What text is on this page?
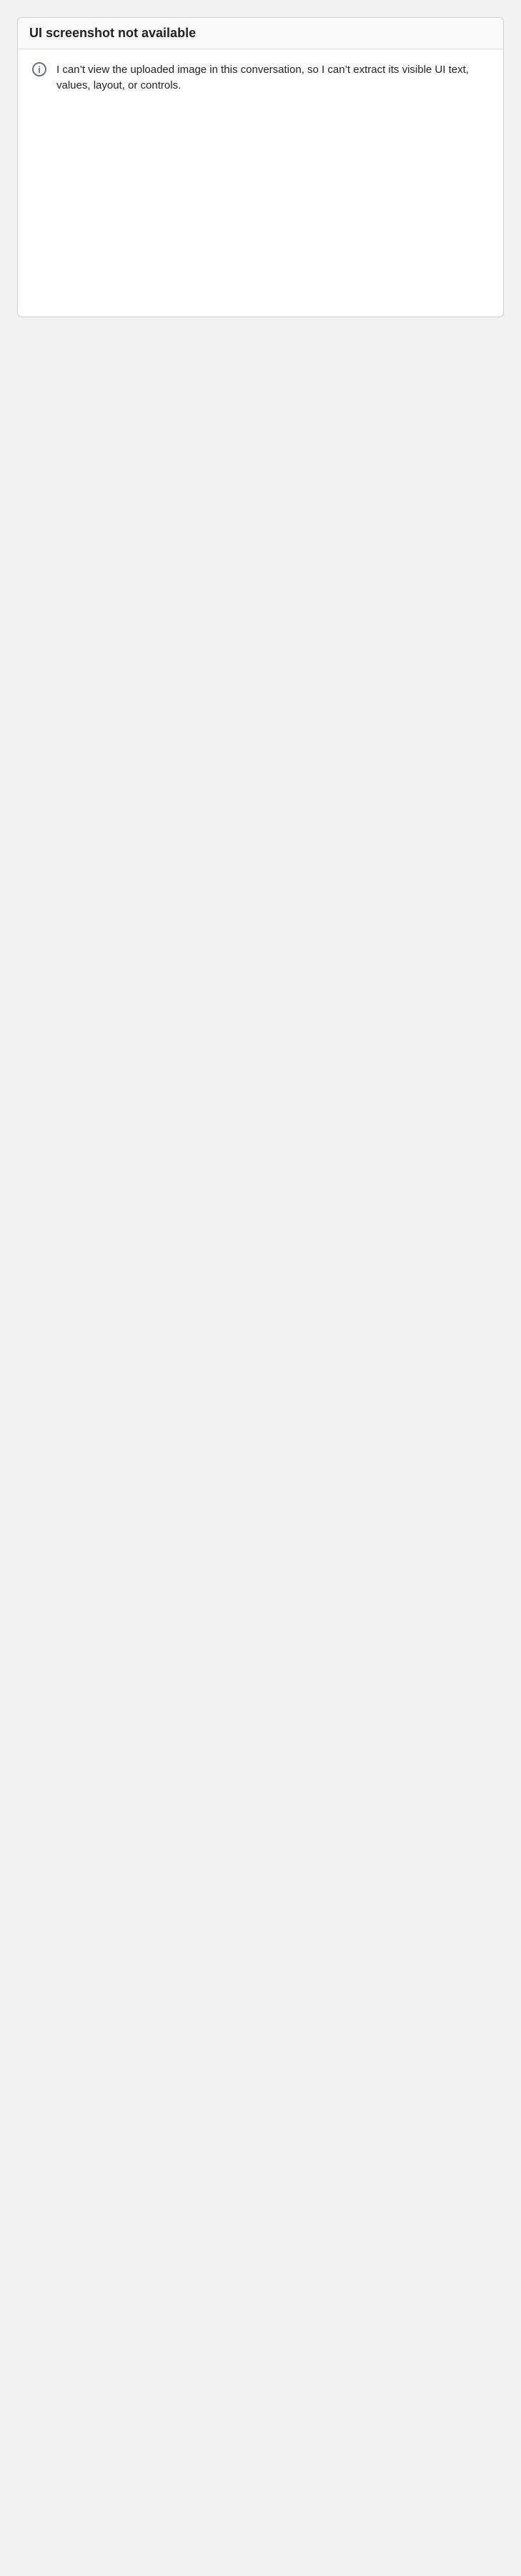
UI screenshot not available
i	I can’t view the uploaded image in this conversation, so I can’t extract its visible UI text, values, layout, or controls.
